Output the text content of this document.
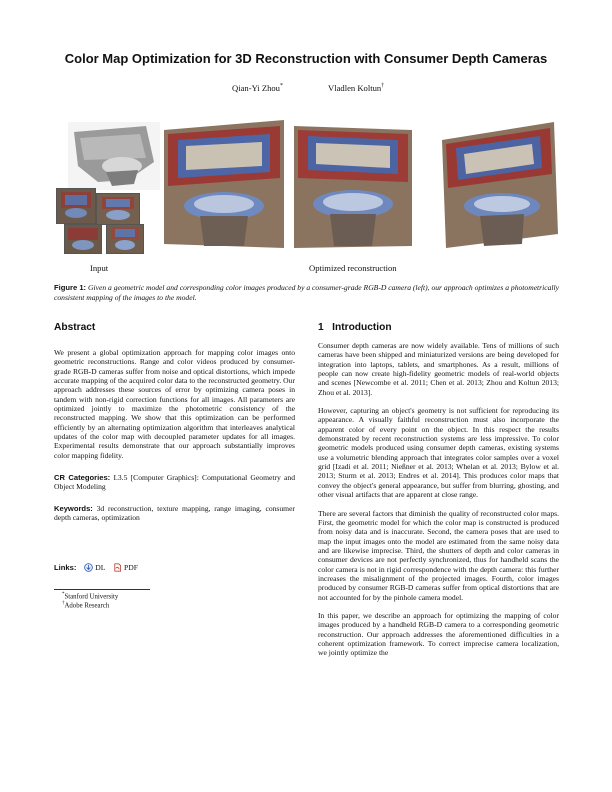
Color Map Optimization for 3D Reconstruction with Consumer Depth Cameras
Qian-Yi Zhou*	Vladlen Koltun†
Input	Optimized reconstruction
Figure 1: Given a geometric model and corresponding color images produced by a consumer-grade RGB-D camera (left), our approach optimizes a photometrically consistent mapping of the images to the model.
Abstract

We present a global optimization approach for mapping color images onto geometric reconstructions. Range and color videos produced by consumer-grade RGB-D cameras suffer from noise and optical distortions, which impede accurate mapping of the acquired color data to the reconstructed geometry. Our approach addresses these sources of error by optimizing camera poses in tandem with non-rigid correction functions for all images. All parameters are optimized jointly to maximize the photometric consistency of the reconstructed mapping. We show that this optimization can be performed efficiently by an alternating optimization algorithm that interleaves analytical updates of the color map with decoupled parameter updates for all images. Experimental results demonstrate that our approach substantially improves color mapping fidelity.

CR Categories: I.3.5 [Computer Graphics]: Computational Geometry and Object Modeling

Keywords: 3d reconstruction, texture mapping, range imaging, consumer depth cameras, optimization

Links: DL PDF
*Stanford University
†Adobe Research
1 Introduction

Consumer depth cameras are now widely available. Tens of millions of such cameras have been shipped and miniaturized versions are being developed for integration into laptops, tablets, and smartphones. As a result, millions of people can now create high-fidelity geometric models of real-world objects and scenes [Newcombe et al. 2011; Chen et al. 2013; Zhou and Koltun 2013; Zhou et al. 2013].

However, capturing an object's geometry is not sufficient for reproducing its appearance. A visually faithful reconstruction must also incorporate the apparent color of every point on the object. In this respect the results demonstrated by recent reconstruction systems are less impressive. To color geometric models produced using consumer depth cameras, existing systems use a volumetric blending approach that integrates color samples over a voxel grid [Izadi et al. 2011; Nießner et al. 2013; Whelan et al. 2013; Bylow et al. 2013; Sturm et al. 2013; Endres et al. 2014]. This produces color maps that convey the object's general appearance, but suffer from blurring, ghosting, and other visual artifacts that are apparent at close range.

There are several factors that diminish the quality of reconstructed color maps. First, the geometric model for which the color map is constructed is produced from noisy data and is inaccurate. Second, the camera poses that are used to map the input images onto the model are estimated from the same noisy data and are likewise imprecise. Third, the shutters of depth and color cameras in consumer devices are not perfectly synchronized, thus for handheld scans the color camera is not in rigid correspondence with the depth camera: this further increases the misalignment of the projected images. Fourth, color images produced by consumer RGB-D cameras suffer from optical distortions that are not accounted for by the pinhole camera model.

In this paper, we describe an approach for optimizing the mapping of color images produced by a handheld RGB-D camera to a corresponding geometric reconstruction. Our approach addresses the aforementioned difficulties in a coherent optimization framework. To correct imprecise camera localization, we jointly optimize the
